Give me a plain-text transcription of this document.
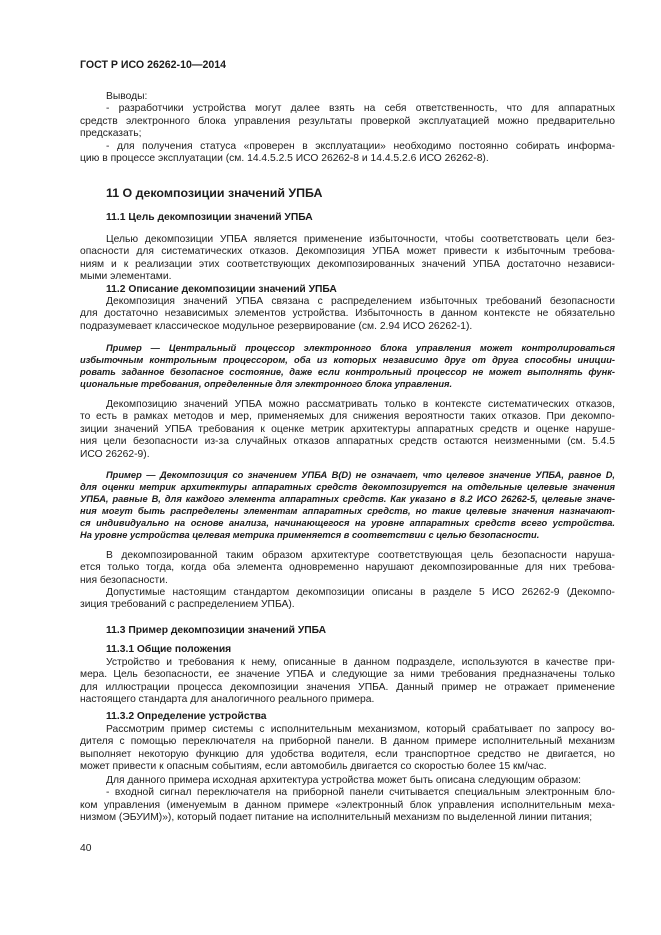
ГОСТ Р ИСО 26262-10—2014
Выводы:
- разработчики устройства могут далее взять на себя ответственность, что для аппаратных
средств электронного блока управления результаты проверкой эксплуатацией можно предварительно
предсказать;
- для получения статуса «проверен в эксплуатации» необходимо постоянно собирать информа-
цию в процессе эксплуатации (см. 14.4.5.2.5 ИСО 26262-8 и 14.4.5.2.6 ИСО 26262-8).
11 О декомпозиции значений УПБА
11.1 Цель декомпозиции значений УПБА
Целью декомпозиции УПБА является применение избыточности, чтобы соответствовать цели без-
опасности для систематических отказов. Декомпозиция УПБА может привести к избыточным требова-
ниям и к реализации этих соответствующих декомпозированных значений УПБА достаточно независи-
мыми элементами.
11.2 Описание декомпозиции значений УПБА
Декомпозиция значений УПБА связана с распределением избыточных требований безопасности
для достаточно независимых элементов устройства. Избыточность в данном контексте не обязательно
подразумевает классическое модульное резервирование (см. 2.94 ИСО 26262-1).
Пример — Центральный процессор электронного блока управления может контролироваться
избыточным контрольным процессором, оба из которых независимо друг от друга способны иниции-
ровать заданное безопасное состояние, даже если контрольный процессор не может выполнять функ-
циональные требования, определенные для электронного блока управления.
Декомпозицию значений УПБА можно рассматривать только в контексте систематических отказов,
то есть в рамках методов и мер, применяемых для снижения вероятности таких отказов. При декомпо-
зиции значений УПБА требования к оценке метрик архитектуры аппаратных средств и оценке наруше-
ния цели безопасности из-за случайных отказов аппаратных средств остаются неизменными (см. 5.4.5
ИСО 26262-9).
Пример — Декомпозиция со значением УПБА B(D) не означает, что целевое значение УПБА, равное D,
для оценки метрик архитектуры аппаратных средств декомпозируется на отдельные целевые значения
УПБА, равные B, для каждого элемента аппаратных средств. Как указано в 8.2 ИСО 26262-5, целевые значе-
ния могут быть распределены элементам аппаратных средств, но такие целевые значения назначают-
ся индивидуально на основе анализа, начинающегося на уровне аппаратных средств всего устройства.
На уровне устройства целевая метрика применяется в соответствии с целью безопасности.
В декомпозированной таким образом архитектуре соответствующая цель безопасности наруша-
ется только тогда, когда оба элемента одновременно нарушают декомпозированные для них требова-
ния безопасности.
Допустимые настоящим стандартом декомпозиции описаны в разделе 5 ИСО 26262-9 (Декомпо-
зиция требований с распределением УПБА).
11.3 Пример декомпозиции значений УПБА
11.3.1 Общие положения
Устройство и требования к нему, описанные в данном подразделе, используются в качестве при-
мера. Цель безопасности, ее значение УПБА и следующие за ними требования предназначены только
для иллюстрации процесса декомпозиции значения УПБА. Данный пример не отражает применение
настоящего стандарта для аналогичного реального примера.
11.3.2 Определение устройства
Рассмотрим пример системы с исполнительным механизмом, который срабатывает по запросу во-
дителя с помощью переключателя на приборной панели. В данном примере исполнительный механизм
выполняет некоторую функцию для удобства водителя, если транспортное средство не двигается, но
может привести к опасным событиям, если автомобиль двигается со скоростью более 15 км/час.
Для данного примера исходная архитектура устройства может быть описана следующим образом:
- входной сигнал переключателя на приборной панели считывается специальным электронным бло-
ком управления (именуемым в данном примере «электронный блок управления исполнительным меха-
низмом (ЭБУИМ)»), который подает питание на исполнительный механизм по выделенной линии питания;
40
